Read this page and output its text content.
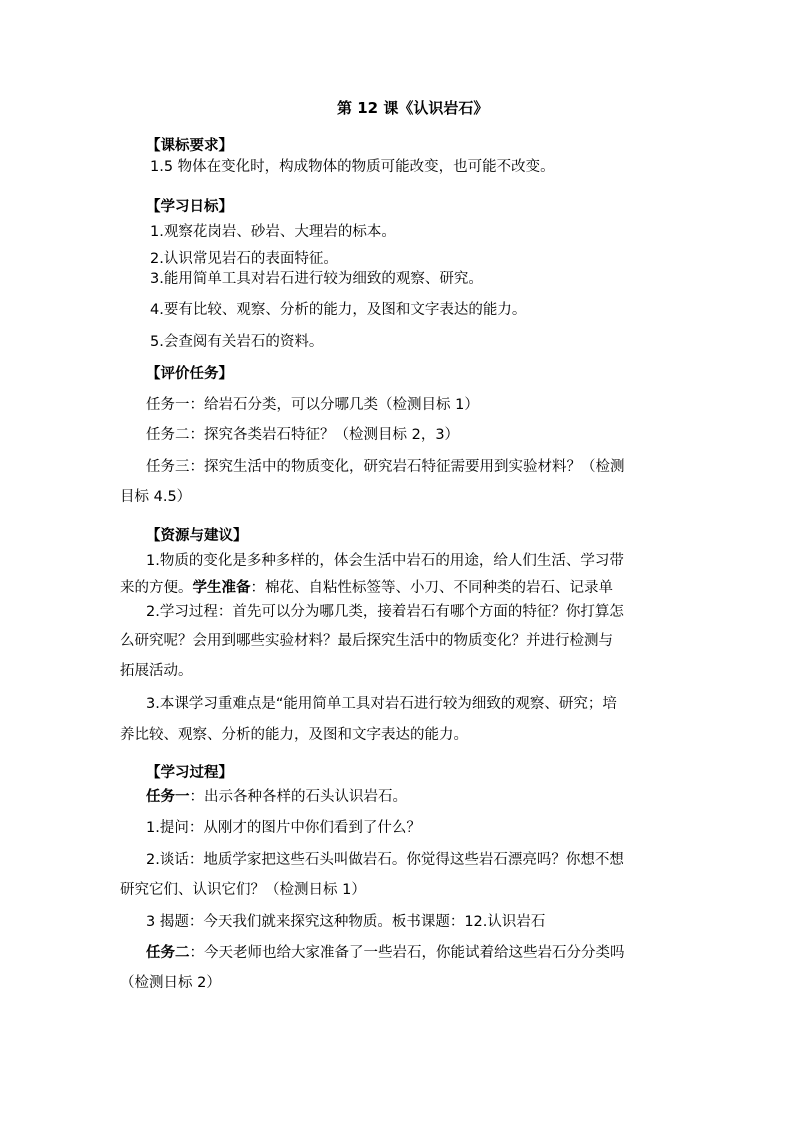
第 12 课《认识岩石》
【课标要求】
1.5 物体在变化时，构成物体的物质可能改变，也可能不改变。
【学习日标】
1.观察花岗岩、砂岩、大理岩的标本。
2.认识常见岩石的表面特征。
3.能用简单工具对岩石进行较为细致的观察、研究。
4.要有比较、观察、分析的能力，及图和文字表达的能力。
5.会查阅有关岩石的资料。
【评价任务】
任务一：给岩石分类，可以分哪几类（检测目标 1）
任务二：探究各类岩石特征？（检测目标 2，3）
任务三：探究生活中的物质变化，研究岩石特征需要用到实验材料？（检测
目标 4.5）
【资源与建议】
1.物质的变化是多种多样的，体会生活中岩石的用途，给人们生活、学习带
来的方便。学生准备：棉花、自粘性标签等、小刀、不同种类的岩石、记录单
2.学习过程：首先可以分为哪几类，接着岩石有哪个方面的特征？你打算怎
么研究呢？会用到哪些实验材料？最后探究生活中的物质变化？并进行检测与
拓展活动。
3.本课学习重难点是“能用简单工具对岩石进行较为细致的观察、研究；培
养比较、观察、分析的能力，及图和文字表达的能力。
【学习过程】
任务一：出示各种各样的石头认识岩石。
1.提问：从刚才的图片中你们看到了什么？
2.谈话：地质学家把这些石头叫做岩石。你觉得这些岩石漂亮吗？你想不想
研究它们、认识它们？（检测日标 1）
3 揭题：今天我们就来探究这种物质。板书课题：12.认识岩石
任务二：今天老师也给大家准备了一些岩石，你能试着给这些岩石分分类吗
（检测日标 2）
